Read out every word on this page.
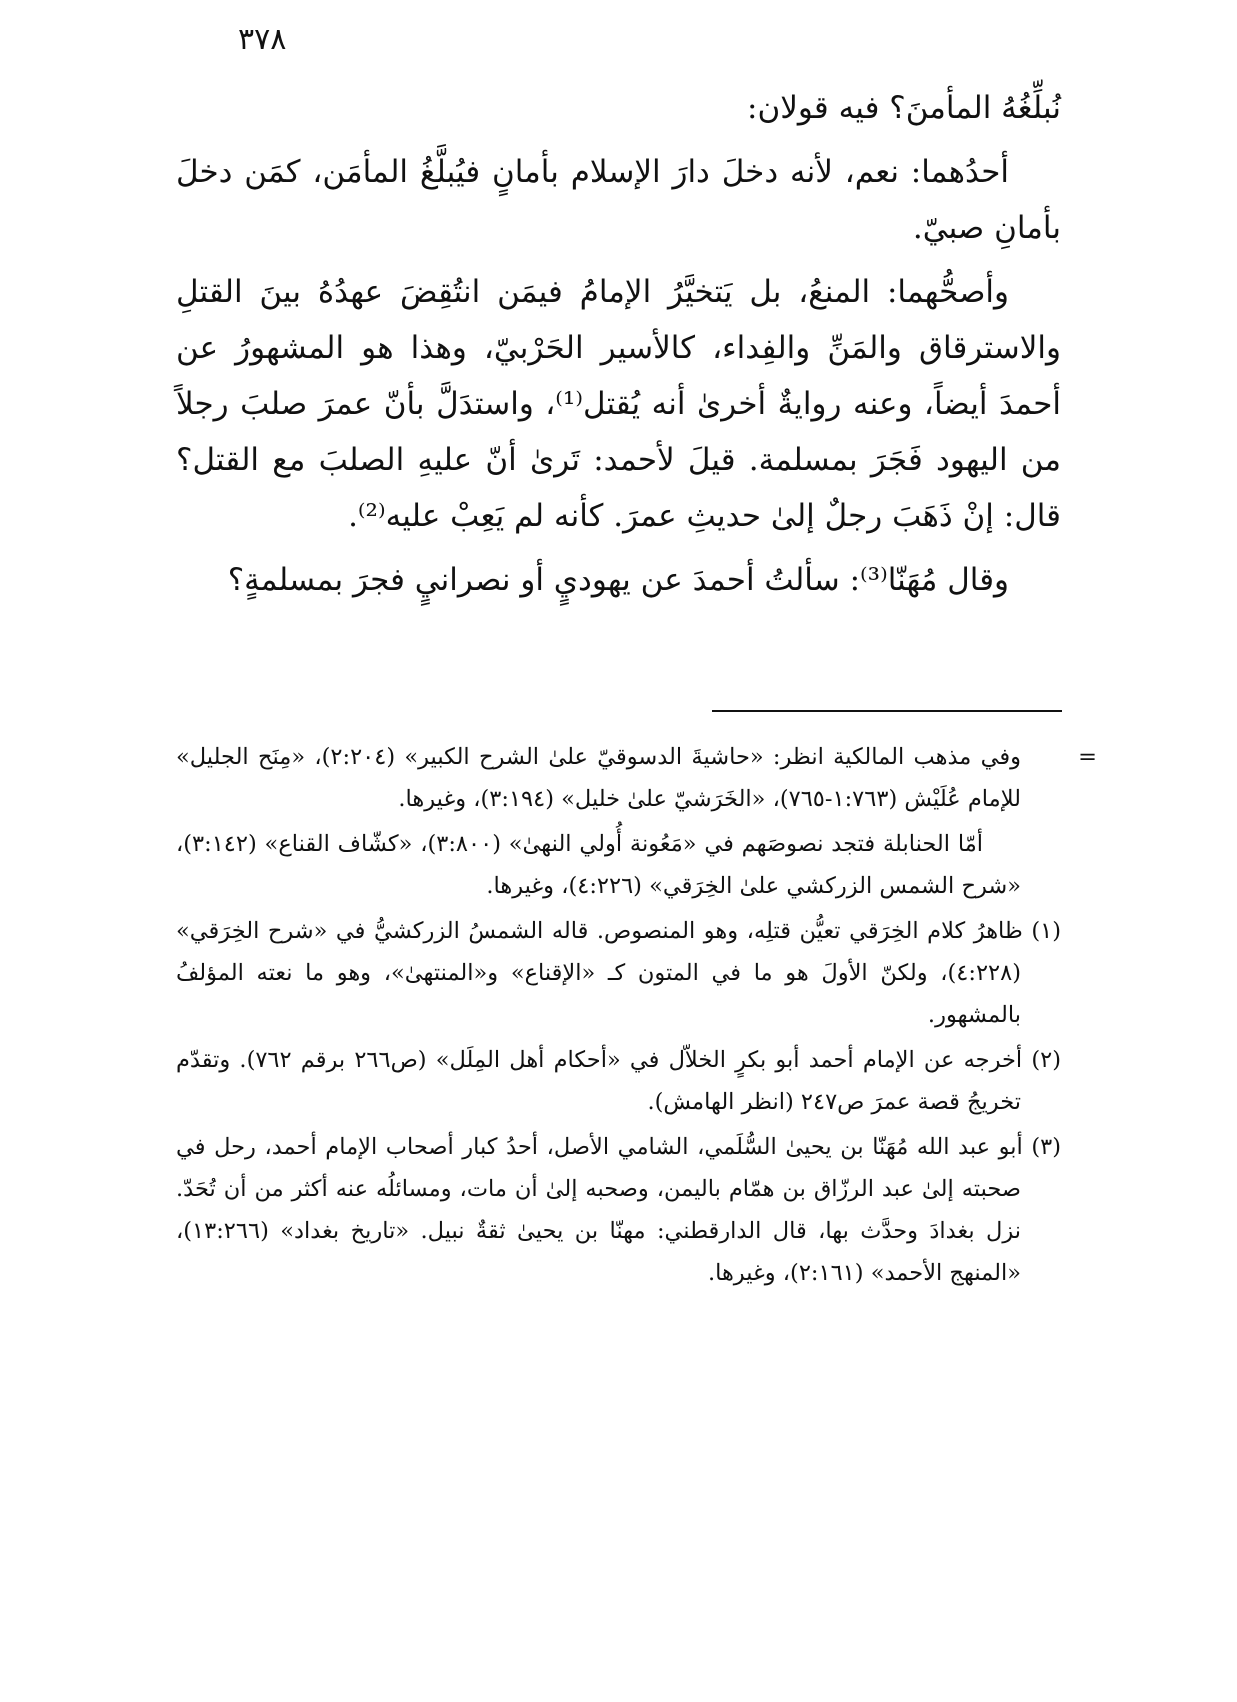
٣٧٨

نُبلِّغُهُ المأمنَ؟ فيه قولان:

أحدُهما: نعم، لأنه دخلَ دارَ الإسلام بأمانٍ فيُبلَّغُ المأمَن، كمَن دخلَ بأمانِ صبيّ.

وأصحُّهما: المنعُ، بل يَتخيَّرُ الإمامُ فيمَن انتُقِضَ عهدُهُ بينَ القتلِ والاسترقاق والمَنِّ والفِداء، كالأسير الحَرْبيّ، وهذا هو المشهورُ عن أحمدَ أيضاً، وعنه روايةٌ أخرىٰ أنه يُقتل⁽¹⁾، واستدَلَّ بأنّ عمرَ صلبَ رجلاً من اليهود فَجَرَ بمسلمة. قيلَ لأحمد: تَرىٰ أنّ عليهِ الصلبَ مع القتل؟ قال: إنْ ذَهَبَ رجلٌ إلىٰ حديثِ عمرَ. كأنه لم يَعِبْ عليه⁽²⁾.

وقال مُهَنّا⁽³⁾: سألتُ أحمدَ عن يهوديٍ أو نصرانيٍ فجرَ بمسلمةٍ؟

=
وفي مذهب المالكية انظر: «حاشيةَ الدسوقيّ علىٰ الشرح الكبير» (٢:٢٠٤)، «مِنَح الجليل» للإمام عُلَيْش (١:٧٦٣-٧٦٥)، «الخَرَشيّ علىٰ خليل» (٣:١٩٤)، وغيرها.

أمّا الحنابلة فتجد نصوصَهم في «مَعُونة أُولي النهىٰ» (٣:٨٠٠)، «كشّاف القناع» (٣:١٤٢)، «شرح الشمس الزركشي علىٰ الخِرَقي» (٤:٢٢٦)، وغيرها.

(١) ظاهرُ كلام الخِرَقي تعيُّن قتلِه، وهو المنصوص. قاله الشمسُ الزركشيُّ في «شرح الخِرَقي» (٤:٢٢٨)، ولكنّ الأولَ هو ما في المتون كـ «الإقناع» و«المنتهىٰ»، وهو ما نعته المؤلفُ بالمشهور.

(٢) أخرجه عن الإمام أحمد أبو بكرٍ الخلاّل في «أحكام أهل المِلَل» (ص٢٦٦ برقم ٧٦٢). وتقدّم تخريجُ قصة عمرَ ص٢٤٧ (انظر الهامش).

(٣) أبو عبد الله مُهَنّا بن يحيىٰ السُّلَمي، الشامي الأصل، أحدُ كبار أصحاب الإمام أحمد، رحل في صحبته إلىٰ عبد الرزّاق بن همّام باليمن، وصحبه إلىٰ أن مات، ومسائلُه عنه أكثر من أن تُحَدّ. نزل بغدادَ وحدَّث بها، قال الدارقطني: مهنّا بن يحيىٰ ثقةٌ نبيل. «تاريخ بغداد» (١٣:٢٦٦)، «المنهج الأحمد» (٢:١٦١)، وغيرها.
